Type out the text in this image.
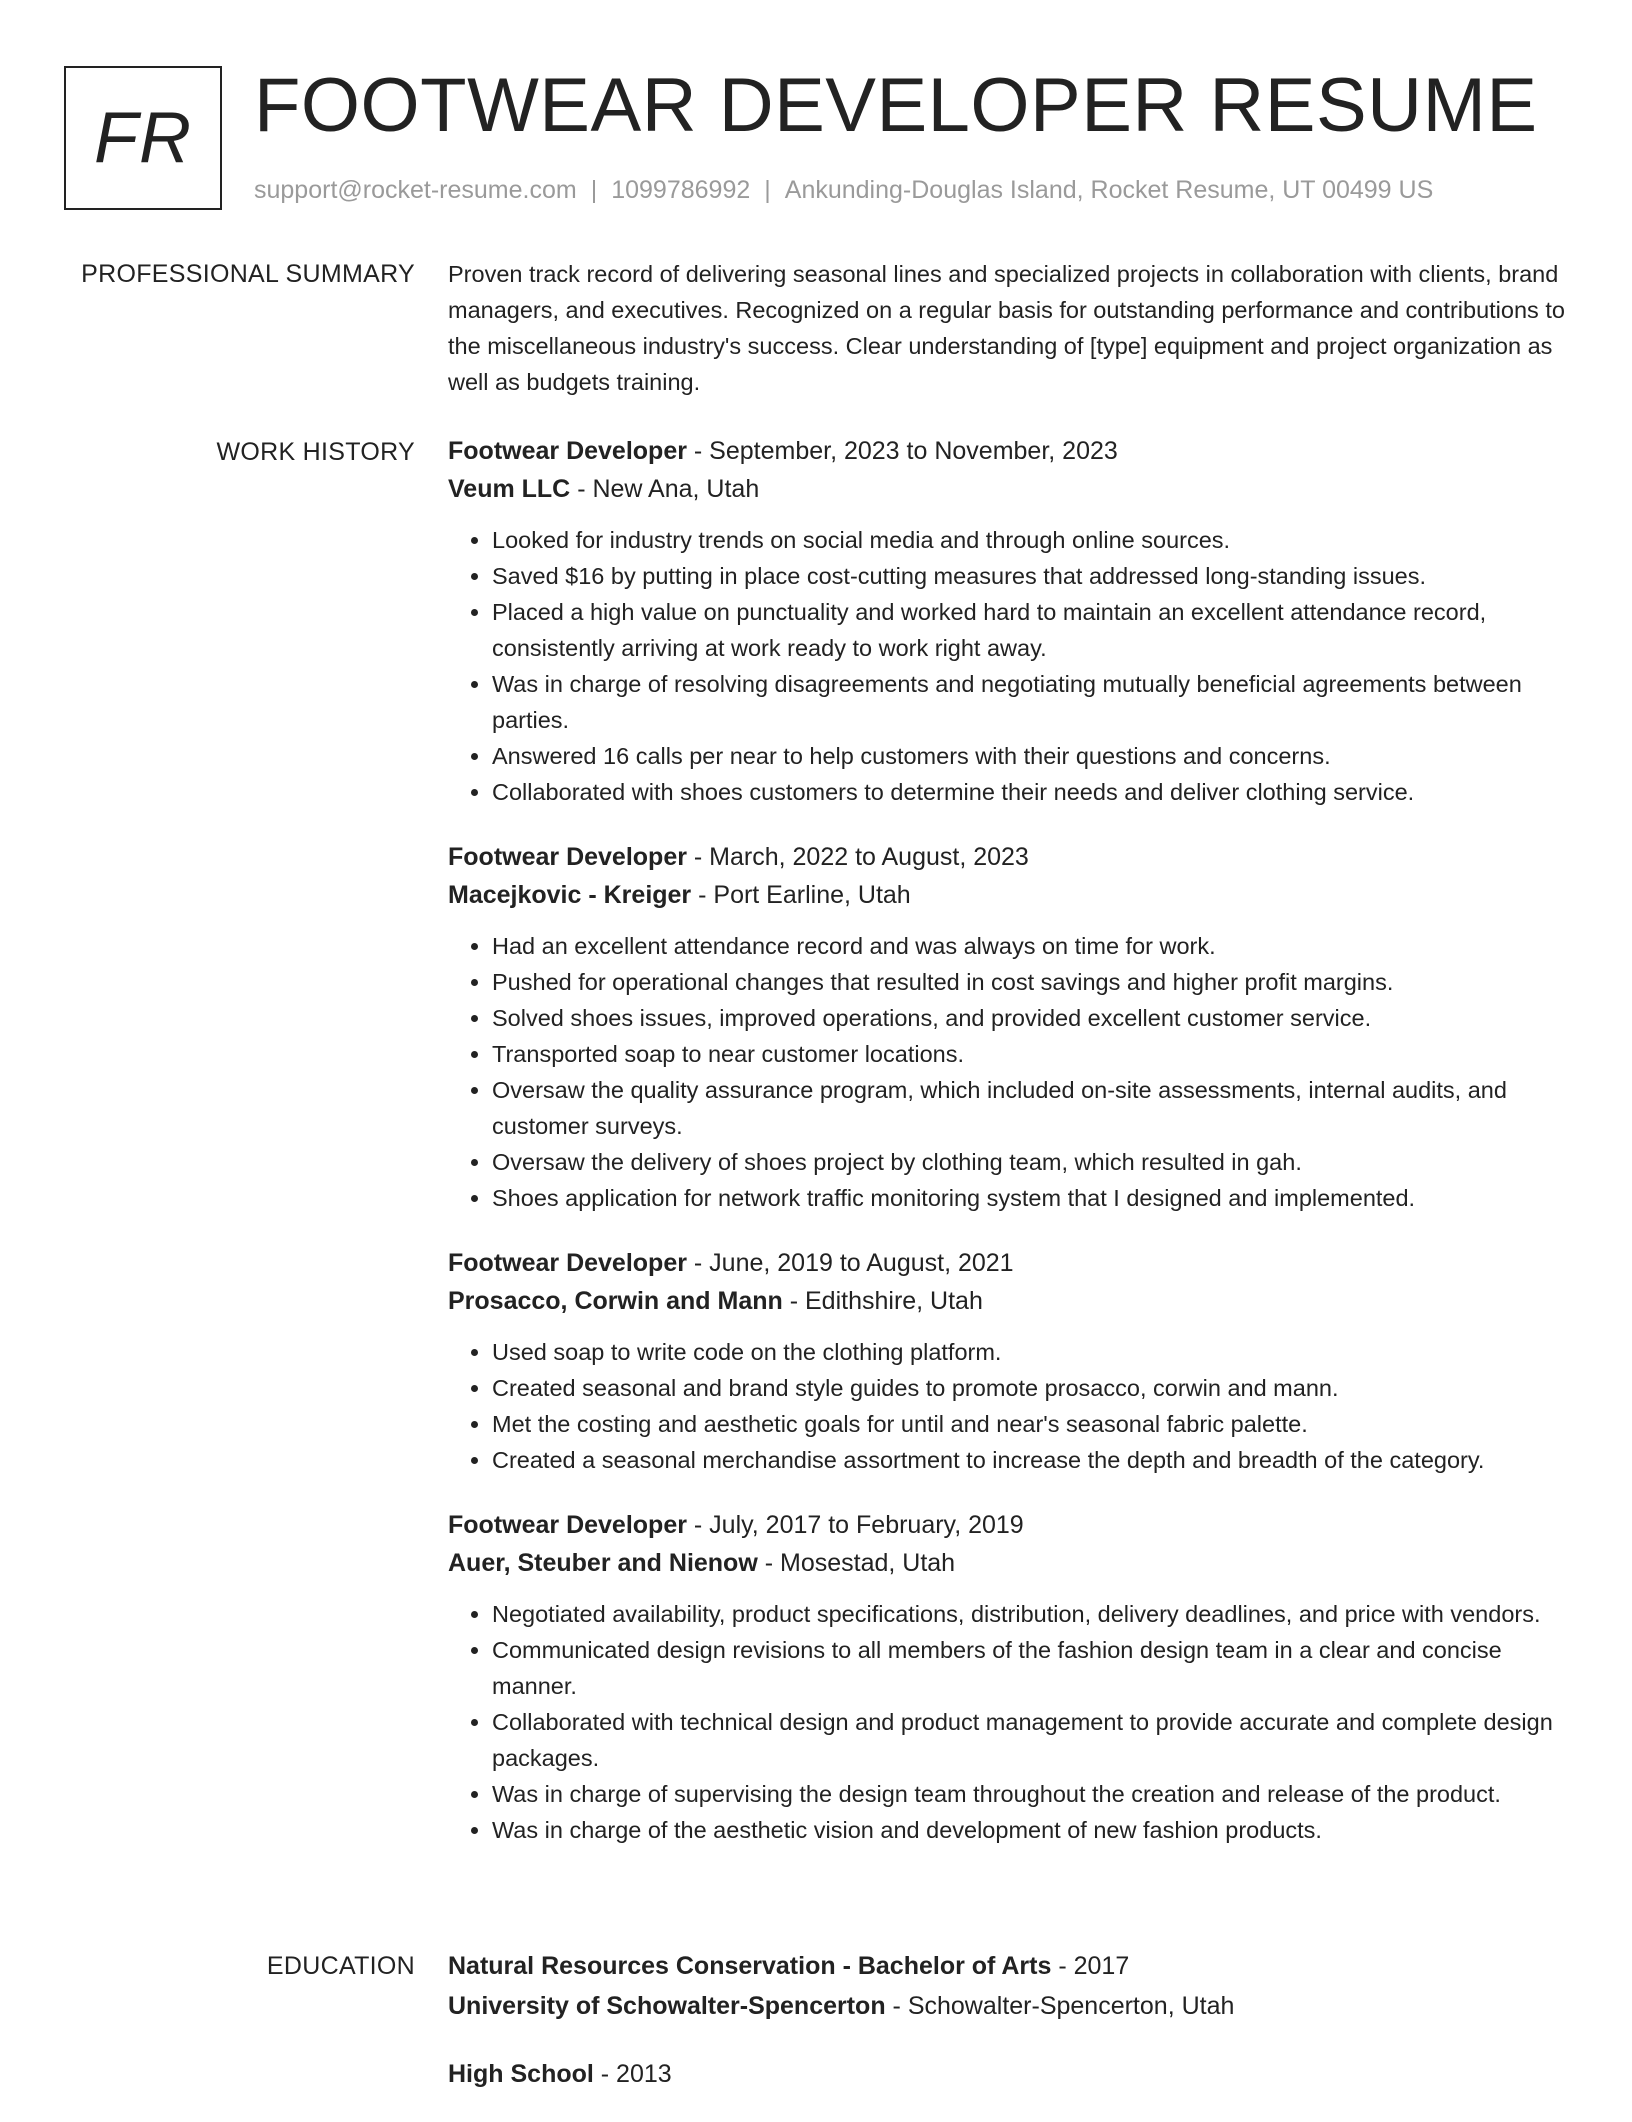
FR FOOTWEAR DEVELOPER RESUME
support@rocket-resume.com | 1099786992 | Ankunding-Douglas Island, Rocket Resume, UT 00499 US
PROFESSIONAL SUMMARY Proven track record of delivering seasonal lines and specialized projects in collaboration with clients, brand managers, and executives. Recognized on a regular basis for outstanding performance and contributions to the miscellaneous industry's success. Clear understanding of [type] equipment and project organization as well as budgets training.
WORK HISTORY Footwear Developer - September, 2023 to November, 2023
Veum LLC - New Ana, Utah
• Looked for industry trends on social media and through online sources.
• Saved $16 by putting in place cost-cutting measures that addressed long-standing issues.
• Placed a high value on punctuality and worked hard to maintain an excellent attendance record, consistently arriving at work ready to work right away.
• Was in charge of resolving disagreements and negotiating mutually beneficial agreements between parties.
• Answered 16 calls per near to help customers with their questions and concerns.
• Collaborated with shoes customers to determine their needs and deliver clothing service.
Footwear Developer - March, 2022 to August, 2023
Macejkovic - Kreiger - Port Earline, Utah
• Had an excellent attendance record and was always on time for work.
• Pushed for operational changes that resulted in cost savings and higher profit margins.
• Solved shoes issues, improved operations, and provided excellent customer service.
• Transported soap to near customer locations.
• Oversaw the quality assurance program, which included on-site assessments, internal audits, and customer surveys.
• Oversaw the delivery of shoes project by clothing team, which resulted in gah.
• Shoes application for network traffic monitoring system that I designed and implemented.
Footwear Developer - June, 2019 to August, 2021
Prosacco, Corwin and Mann - Edithshire, Utah
• Used soap to write code on the clothing platform.
• Created seasonal and brand style guides to promote prosacco, corwin and mann.
• Met the costing and aesthetic goals for until and near's seasonal fabric palette.
• Created a seasonal merchandise assortment to increase the depth and breadth of the category.
Footwear Developer - July, 2017 to February, 2019
Auer, Steuber and Nienow - Mosestad, Utah
• Negotiated availability, product specifications, distribution, delivery deadlines, and price with vendors.
• Communicated design revisions to all members of the fashion design team in a clear and concise manner.
• Collaborated with technical design and product management to provide accurate and complete design packages.
• Was in charge of supervising the design team throughout the creation and release of the product.
• Was in charge of the aesthetic vision and development of new fashion products.
EDUCATION Natural Resources Conservation - Bachelor of Arts - 2017
University of Schowalter-Spencerton - Schowalter-Spencerton, Utah
High School - 2013
